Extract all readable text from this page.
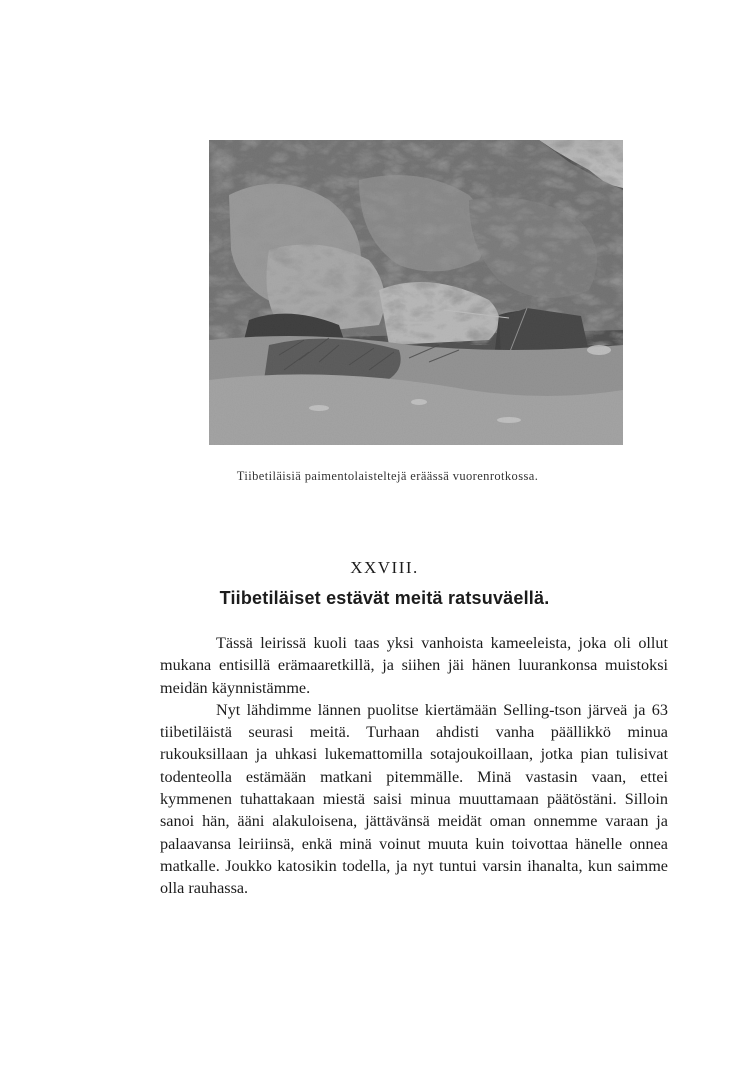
Tiibetiläisiä paimentolaisteltejä eräässä vuorenrotkossa.
XXVIII.
Tiibetiläiset estävät meitä ratsuväellä.

Tässä leirissä kuoli taas yksi vanhoista kameeleista, joka oli ollut mukana entisillä erämaaretkillä, ja siihen jäi hänen luurankonsa muistoksi meidän käynnistämme.

Nyt lähdimme lännen puolitse kiertämään Selling-tson järveä ja 63 tiibetiläistä seurasi meitä. Turhaan ahdisti vanha päällikkö minua rukouksillaan ja uhkasi lukemattomilla sotajoukoillaan, jotka pian tulisivat todenteolla estämään matkani pitemmälle. Minä vastasin vaan, ettei kymmenen tuhattakaan miestä saisi minua muuttamaan päätöstäni. Silloin sanoi hän, ääni alakuloisena, jättävänsä meidät oman onnemme varaan ja palaavansa leiriinsä, enkä minä voinut muuta kuin toivottaa hänelle onnea matkalle. Joukko katosikin todella, ja nyt tuntui varsin ihanalta, kun saimme olla rauhassa.
